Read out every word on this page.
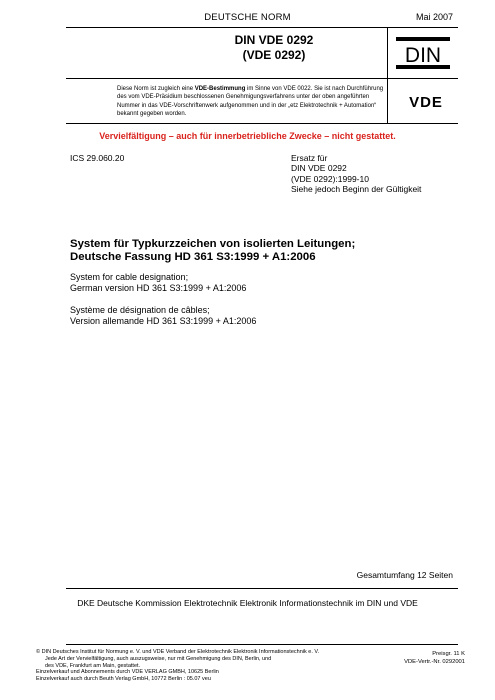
DEUTSCHE NORM	Mai 2007
DIN VDE 0292
(VDE 0292)	DIN
VDE
Diese Norm ist zugleich eine VDE-Bestimmung im Sinne von VDE 0022. Sie ist nach Durchführung des vom VDE-Präsidium beschlossenen Genehmigungsverfahrens unter der oben angeführten Nummer in das VDE-Vorschriftenwerk aufgenommen und in der „etz Elektrotechnik + Automation“ bekannt gegeben worden.
Vervielfältigung – auch für innerbetriebliche Zwecke – nicht gestattet.
ICS 29.060.20	Ersatz für
DIN VDE 0292
(VDE 0292):1999-10
Siehe jedoch Beginn der Gültigkeit
System für Typkurzzeichen von isolierten Leitungen;
Deutsche Fassung HD 361 S3:1999 + A1:2006
System for cable designation;
German version HD 361 S3:1999 + A1:2006
Système de désignation de câbles;
Version allemande HD 361 S3:1999 + A1:2006
Gesamtumfang 12 Seiten
DKE Deutsche Kommission Elektrotechnik Elektronik Informationstechnik im DIN und VDE
© DIN Deutsches Institut für Normung e. V. und VDE Verband der Elektrotechnik Elektronik Informationstechnik e. V.
Jede Art der Vervielfältigung, auch auszugsweise, nur mit Genehmigung des DIN, Berlin, und
des VDE, Frankfurt am Main, gestattet.
Einzelverkauf und Abonnements durch VDE VERLAG GMBH, 10625 Berlin
Einzelverkauf auch durch Beuth Verlag GmbH, 10772 Berlin : 05.07 veu
Preisgr. 11 K
VDE-Vertr.-Nr. 0292001
